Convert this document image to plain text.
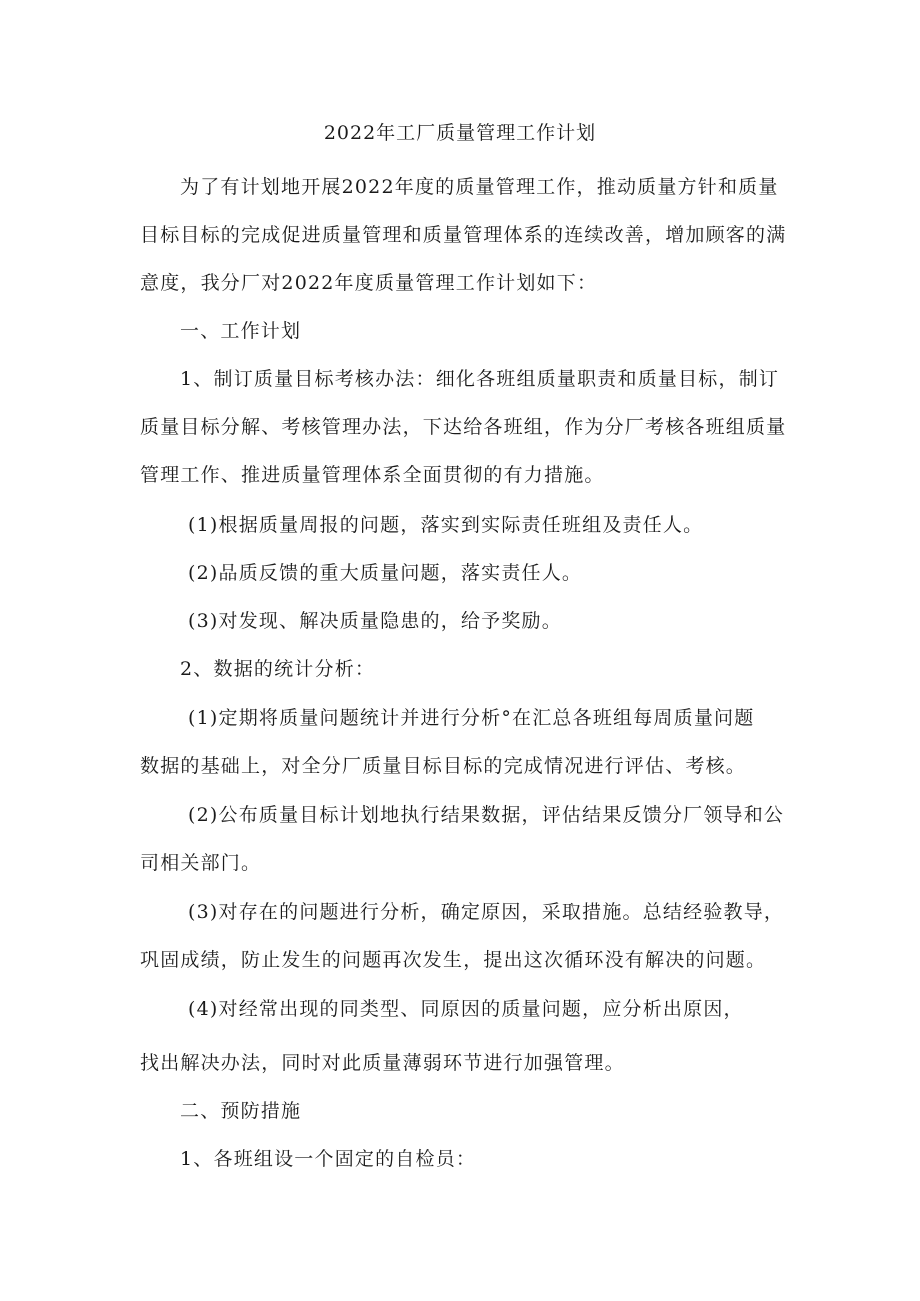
2022年工厂质量管理工作计划
为了有计划地开展2022年度的质量管理工作，推动质量方针和质量
目标目标的完成促进质量管理和质量管理体系的连续改善，增加顾客的满
意度，我分厂对2022年度质量管理工作计划如下：
一、工作计划
1、制订质量目标考核办法：细化各班组质量职责和质量目标，制订
质量目标分解、考核管理办法，下达给各班组，作为分厂考核各班组质量
管理工作、推进质量管理体系全面贯彻的有力措施。
(1)根据质量周报的问题，落实到实际责任班组及责任人。
(2)品质反馈的重大质量问题，落实责任人。
(3)对发现、解决质量隐患的，给予奖励。
2、数据的统计分析：
(1)定期将质量问题统计并进行分析°在汇总各班组每周质量问题
数据的基础上，对全分厂质量目标目标的完成情况进行评估、考核。
(2)公布质量目标计划地执行结果数据，评估结果反馈分厂领导和公
司相关部门。
(3)对存在的问题进行分析，确定原因，采取措施。总结经验教导，
巩固成绩，防止发生的问题再次发生，提出这次循环没有解决的问题。
(4)对经常出现的同类型、同原因的质量问题，应分析出原因，
找出解决办法，同时对此质量薄弱环节进行加强管理。
二、预防措施
1、各班组设一个固定的自检员：
